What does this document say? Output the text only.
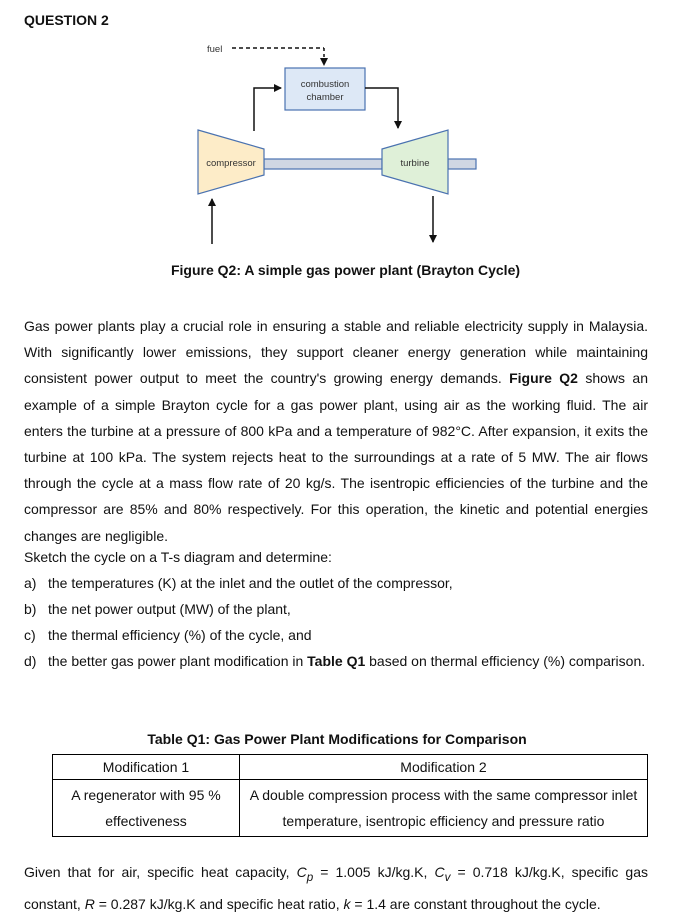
QUESTION 2
fuel
combustion
chamber
compressor	turbine
Figure Q2: A simple gas power plant (Brayton Cycle)

Gas power plants play a crucial role in ensuring a stable and reliable electricity supply in Malaysia. With significantly lower emissions, they support cleaner energy generation while maintaining consistent power output to meet the country's growing energy demands. Figure Q2 shows an example of a simple Brayton cycle for a gas power plant, using air as the working fluid. The air enters the turbine at a pressure of 800 kPa and a temperature of 982°C. After expansion, it exits the turbine at 100 kPa. The system rejects heat to the surroundings at a rate of 5 MW. The air flows through the cycle at a mass flow rate of 20 kg/s. The isentropic efficiencies of the turbine and the compressor are 85% and 80% respectively. For this operation, the kinetic and potential energies changes are negligible.

Sketch the cycle on a T-s diagram and determine:
a) the temperatures (K) at the inlet and the outlet of the compressor,
b) the net power output (MW) of the plant,
c) the thermal efficiency (%) of the cycle, and
d) the better gas power plant modification in Table Q1 based on thermal efficiency (%) comparison.
Table Q1: Gas Power Plant Modifications for Comparison
Modification 1	Modification 2
A regenerator with 95 % effectiveness	A double compression process with the same compressor inlet temperature, isentropic efficiency and pressure ratio

Given that for air, specific heat capacity, $C_p = 1.005$ kJ/kg.K, $C_v = 0.718$ kJ/kg.K, specific gas constant, R = 0.287 kJ/kg.K and specific heat ratio, k = 1.4 are constant throughout the cycle.
